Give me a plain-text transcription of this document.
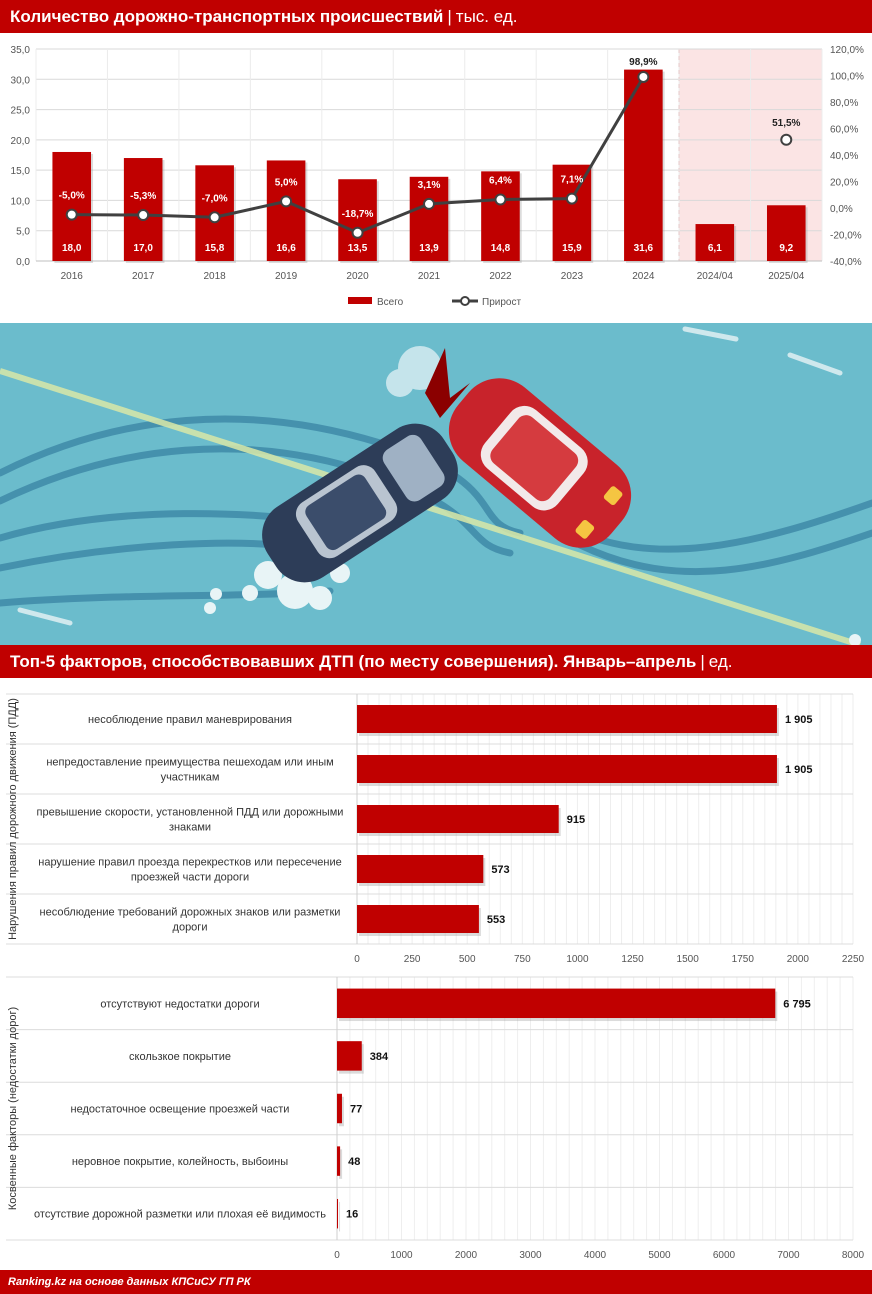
Количество дорожно-транспортных происшествий | тыс. ед.
0,0
5,0
10,0
15,0
20,0
25,0
30,0
35,0
-40,0%
-20,0%
0,0%
20,0%
40,0%
60,0%
80,0%
100,0%
120,0%
18,0
2016
17,0
2017
15,8
2018
16,6
2019
13,5
2020
13,9
2021
14,8
2022
15,9
2023
31,6
2024
6,1
2024/04
9,2
2025/04
-5,0%	-5,3%	-7,0%
5,0%
-18,7%
3,1%	6,4%	7,1%
98,9%
51,5%
Всего	Прирост
Топ-5 факторов, способствовавших ДТП (по месту совершения). Январь–апрель | ед.
0	250	500	750	1000	1250	1500	1750	2000	2250
1 905
несоблюдение правил маневрирования
1 905
непредоставление преимущества пешеходам или иным
участникам
915
превышение скорости, установленной ПДД или дорожными
знаками
573
нарушение правил проезда перекрестков или пересечение
проезжей части дороги
553
несоблюдение требований дорожных знаков или разметки
дороги
Нарушения правил дорожного движения (ПДД)
0	1000	2000	3000	4000	5000	6000	7000	8000
6 795
отсутствуют недостатки дороги
384
скользкое покрытие
77
недостаточное освещение проезжей части
48
неровное покрытие, колейность, выбоины
16
отсутствие дорожной разметки или плохая её видимость
Косвенные факторы (недостатки дорог)
Ranking.kz на основе данных КПСиСУ ГП РК
